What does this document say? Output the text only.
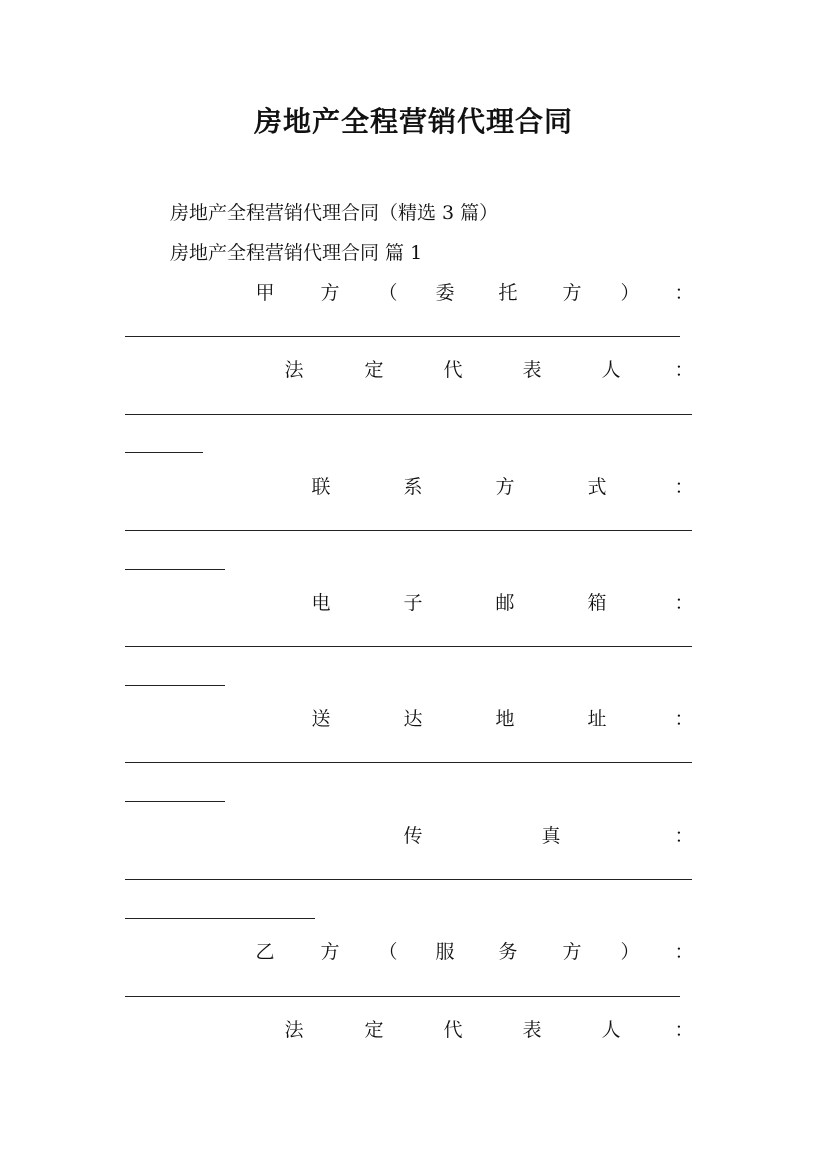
房地产全程营销代理合同
房地产全程营销代理合同（精选 3 篇）
房地产全程营销代理合同 篇 1
甲 方 （ 委 托 方 ） ：
法	定	代	表	人	：
联	系	方	式	：
电	子	邮	箱	：
送	达	地	址	：
传	真	：
乙 方 （ 服 务 方 ） ：
法	定	代	表	人	：
